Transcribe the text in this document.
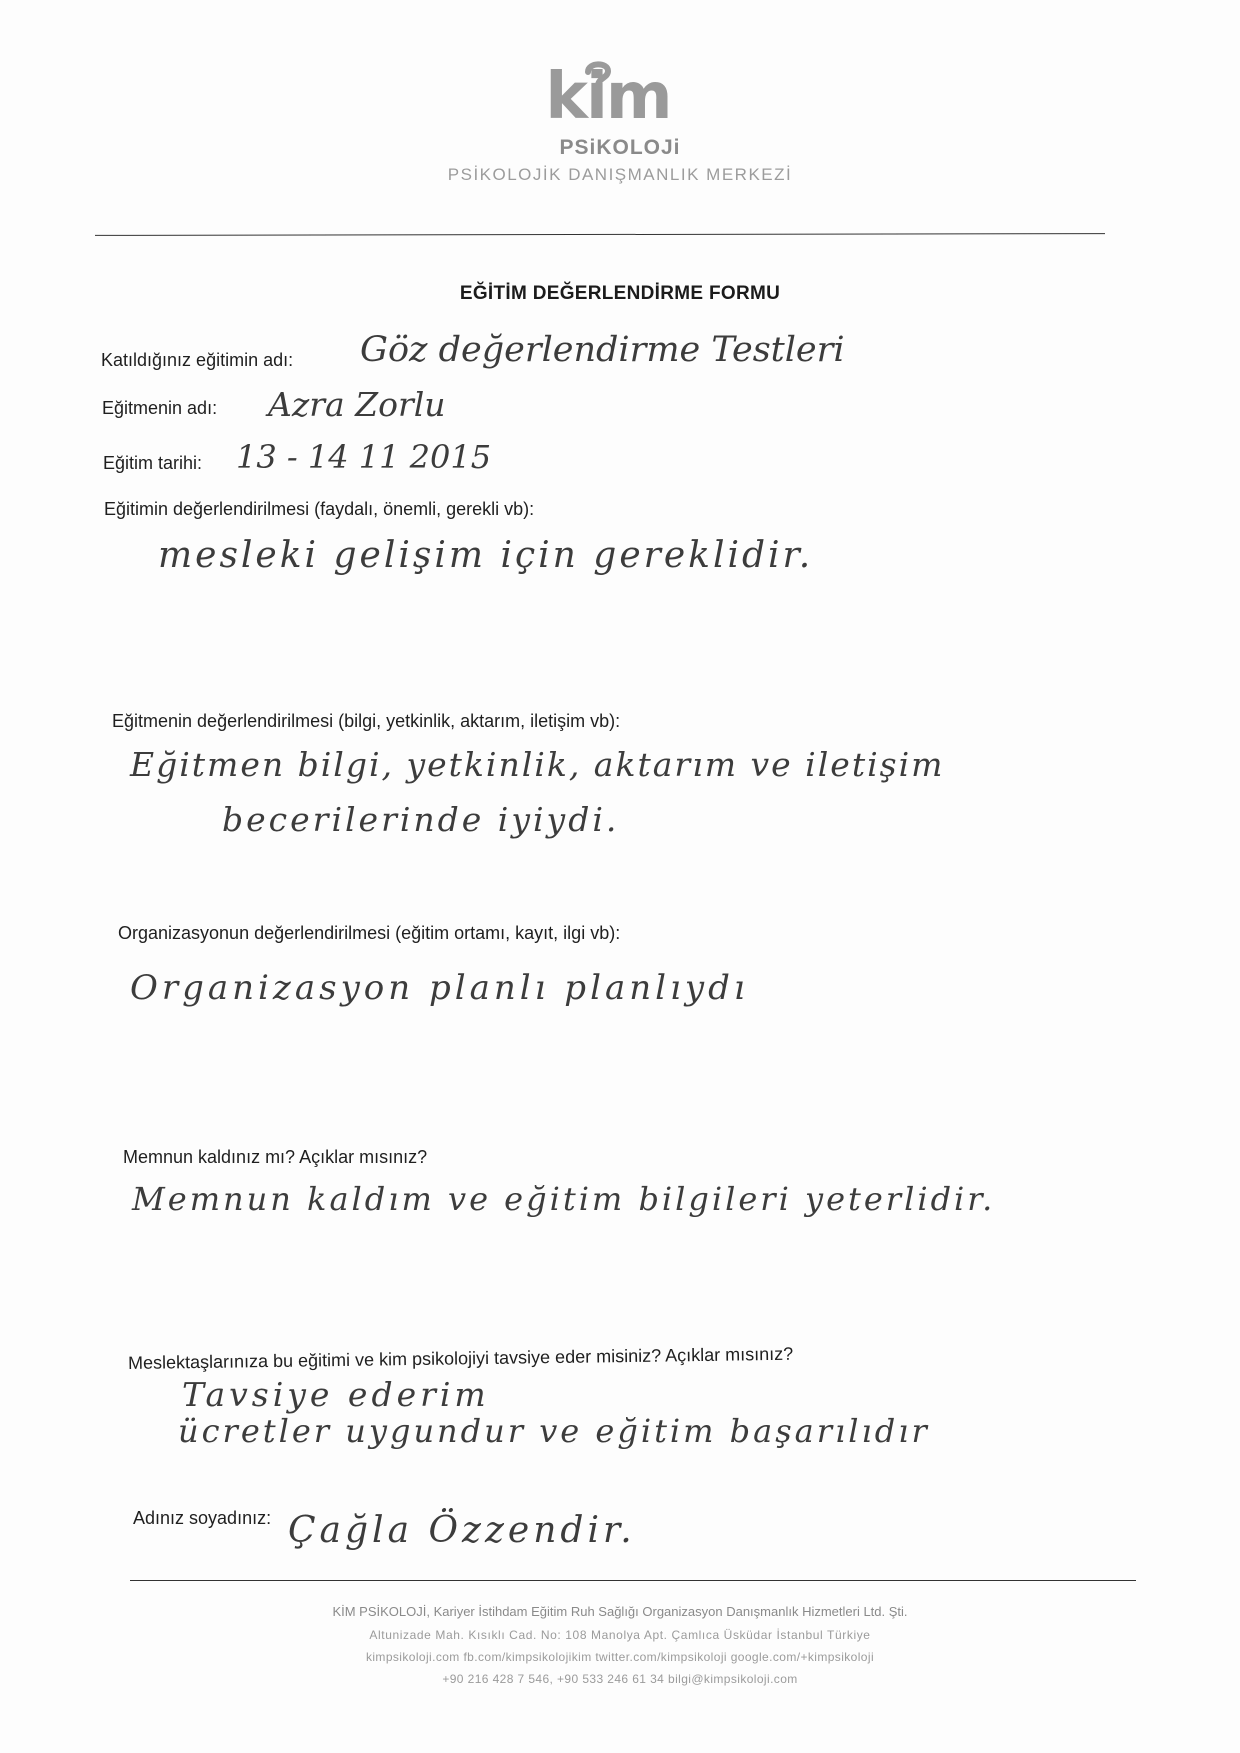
kim
PSiKOLOJi
PSİKOLOJİK DANIŞMANLIK MERKEZİ
EĞİTİM DEĞERLENDİRME FORMU
Katıldığınız eğitimin adı: Göz değerlendirme Testleri
Eğitmenin adı: Azra Zorlu
Eğitim tarihi: 13 - 14 11 2015
Eğitimin değerlendirilmesi (faydalı, önemli, gerekli vb):
mesleki gelişim için gereklidir.
Eğitmenin değerlendirilmesi (bilgi, yetkinlik, aktarım, iletişim vb):
Eğitmen bilgi, yetkinlik, aktarım ve iletişim
becerilerinde iyiydi.
Organizasyonun değerlendirilmesi (eğitim ortamı, kayıt, ilgi vb):
Organizasyon planlı planlıydı
Memnun kaldınız mı? Açıklar mısınız?
Memnun kaldım ve eğitim bilgileri yeterlidir.
Meslektaşlarınıza bu eğitimi ve kim psikolojiyi tavsiye eder misiniz? Açıklar mısınız?
Tavsiye ederim
ücretler uygundur ve eğitim başarılıdır
Adınız soyadınız: Çağla Özzendir.
KİM PSİKOLOJİ, Kariyer İstihdam Eğitim Ruh Sağlığı Organizasyon Danışmanlık Hizmetleri Ltd. Şti.
Altunizade Mah. Kısıklı Cad. No: 108 Manolya Apt. Çamlıca Üsküdar İstanbul Türkiye
kimpsikoloji.com fb.com/kimpsikolojikim twitter.com/kimpsikoloji google.com/+kimpsikoloji
+90 216 428 7 546, +90 533 246 61 34 bilgi@kimpsikoloji.com
